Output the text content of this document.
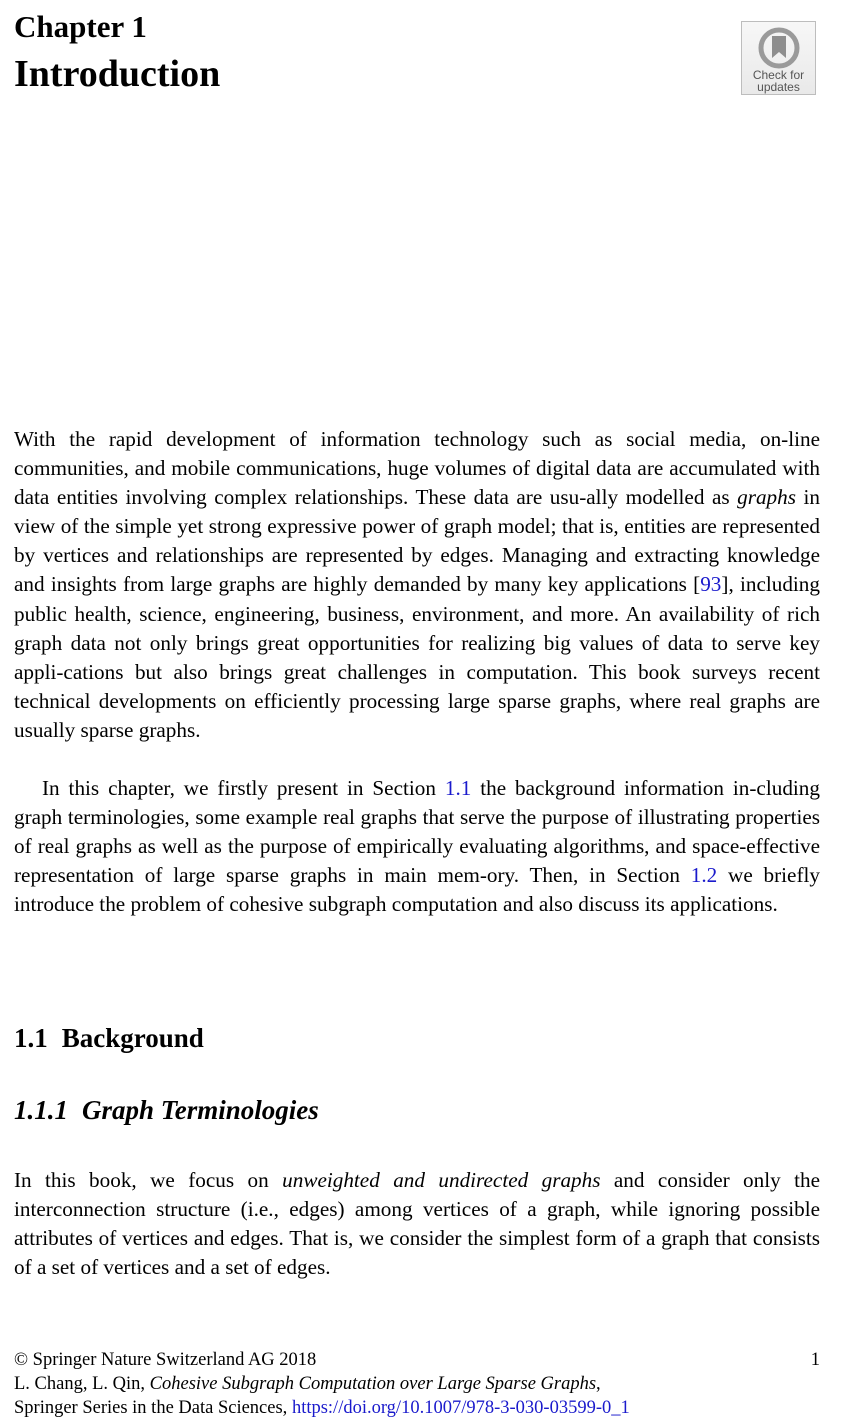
Chapter 1
Introduction	Check for
updates

With the rapid development of information technology such as social media, on-line communities, and mobile communications, huge volumes of digital data are accumulated with data entities involving complex relationships. These data are usu-ally modelled as graphs in view of the simple yet strong expressive power of graph model; that is, entities are represented by vertices and relationships are represented by edges. Managing and extracting knowledge and insights from large graphs are highly demanded by many key applications [93], including public health, science, engineering, business, environment, and more. An availability of rich graph data not only brings great opportunities for realizing big values of data to serve key appli-cations but also brings great challenges in computation. This book surveys recent technical developments on efficiently processing large sparse graphs, where real graphs are usually sparse graphs.

In this chapter, we firstly present in Section 1.1 the background information in-cluding graph terminologies, some example real graphs that serve the purpose of illustrating properties of real graphs as well as the purpose of empirically evaluating algorithms, and space-effective representation of large sparse graphs in main mem-ory. Then, in Section 1.2 we briefly introduce the problem of cohesive subgraph computation and also discuss its applications.

1.1 Background
1.1.1 Graph Terminologies

In this book, we focus on unweighted and undirected graphs and consider only the interconnection structure (i.e., edges) among vertices of a graph, while ignoring possible attributes of vertices and edges. That is, we consider the simplest form of a graph that consists of a set of vertices and a set of edges.

© Springer Nature Switzerland AG 2018	1
L. Chang, L. Qin, Cohesive Subgraph Computation over Large Sparse Graphs,
Springer Series in the Data Sciences, https://doi.org/10.1007/978-3-030-03599-0_1
